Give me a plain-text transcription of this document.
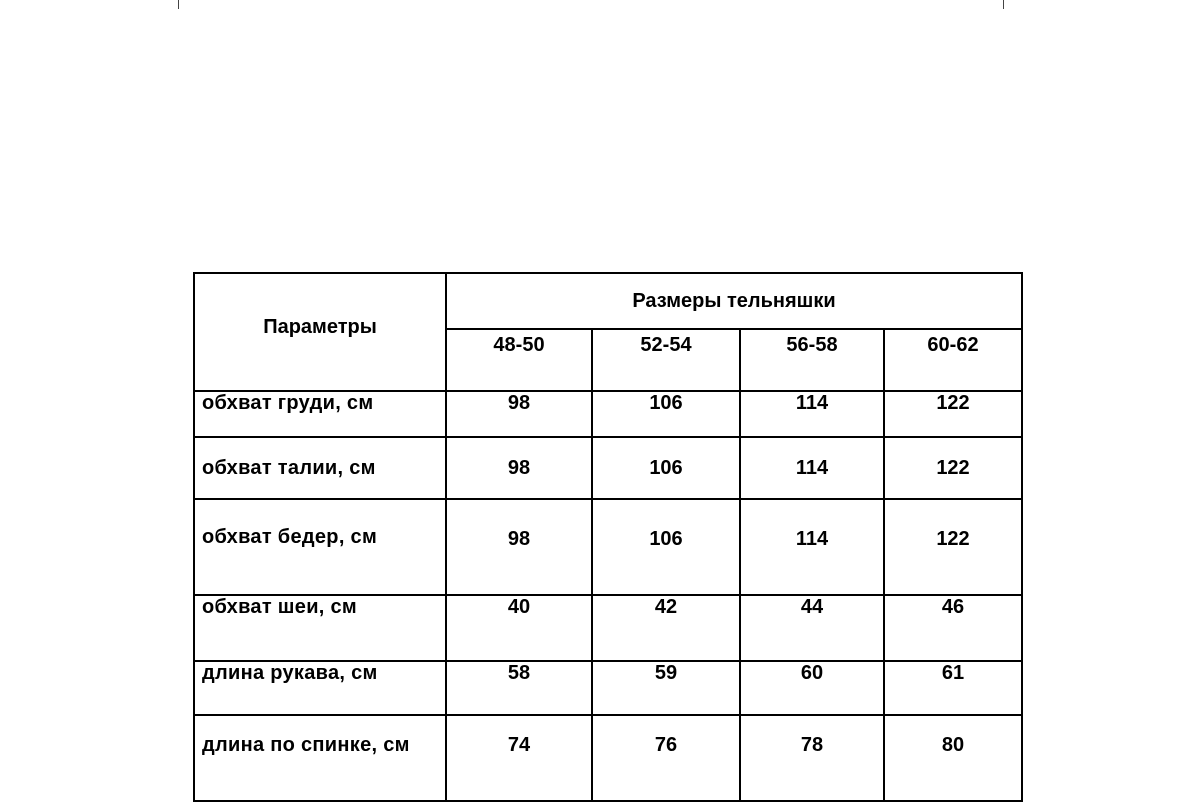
Параметры	Размеры тельняшки			
	48-50	52-54	56-58	60-62
обхват груди, см	98	106	114	122
обхват талии, см	98	106	114	122
обхват бедер, см	98	106	114	122
обхват шеи, см	40	42	44	46
длина рукава, см	58	59	60	61
длина по спинке, см	74	76	78	80
